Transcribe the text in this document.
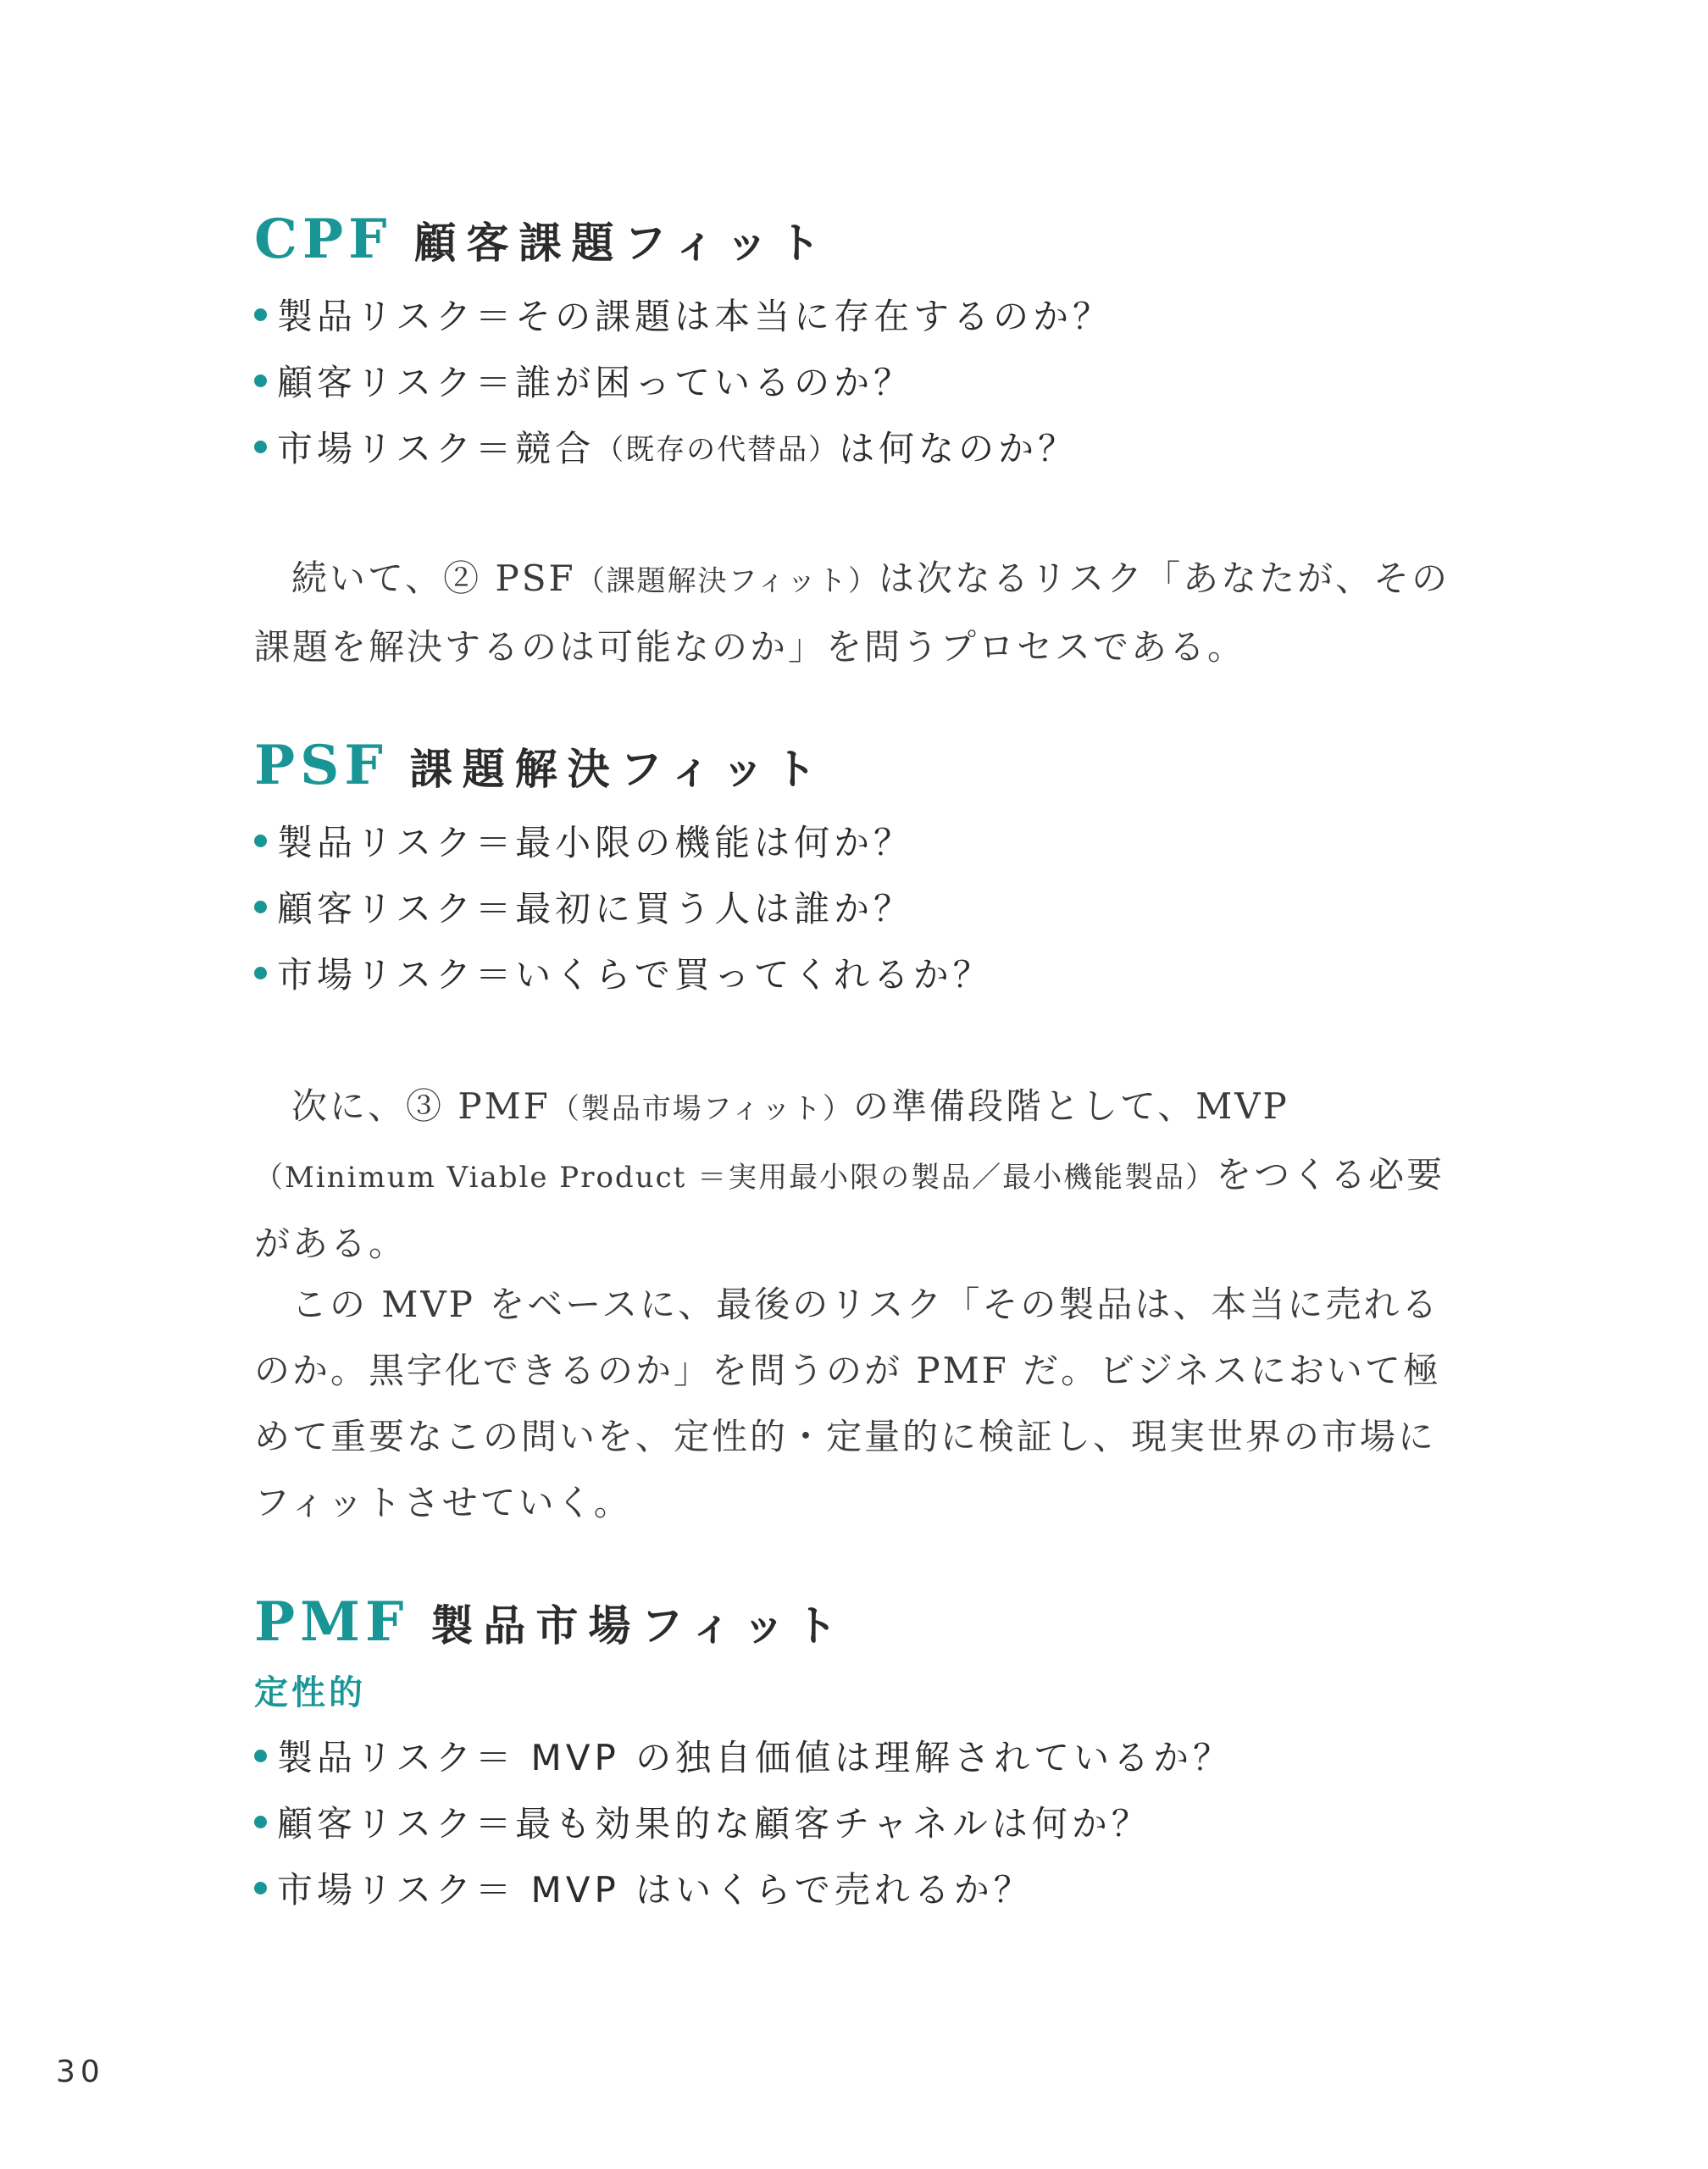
CPF 顧客課題フィット
製品リスク＝その課題は本当に存在するのか？
顧客リスク＝誰が困っているのか？
市場リスク＝競合 （既存の代替品） は何なのか？

続いて、② PSF（課題解決フィット）は次なるリスク「あなたが、その課題を解決するのは可能なのか」を問うプロセスである。

PSF 課題解決フィット
製品リスク＝最小限の機能は何か？
顧客リスク＝最初に買う人は誰か？
市場リスク＝いくらで買ってくれるか？

次に、③ PMF（製品市場フィット）の準備段階として、MVP（Minimum Viable Product ＝実用最小限の製品／最小機能製品）をつくる必要がある。

この MVP をベースに、最後のリスク「その製品は、本当に売れるのか。黒字化できるのか」を問うのが PMF だ。ビジネスにおいて極めて重要なこの問いを、定性的・定量的に検証し、現実世界の市場にフィットさせていく。

PMF 製品市場フィット
定性的
製品リスク＝ MVP の独自価値は理解されているか？
顧客リスク＝最も効果的な顧客チャネルは何か？
市場リスク＝ MVP はいくらで売れるか？
30
